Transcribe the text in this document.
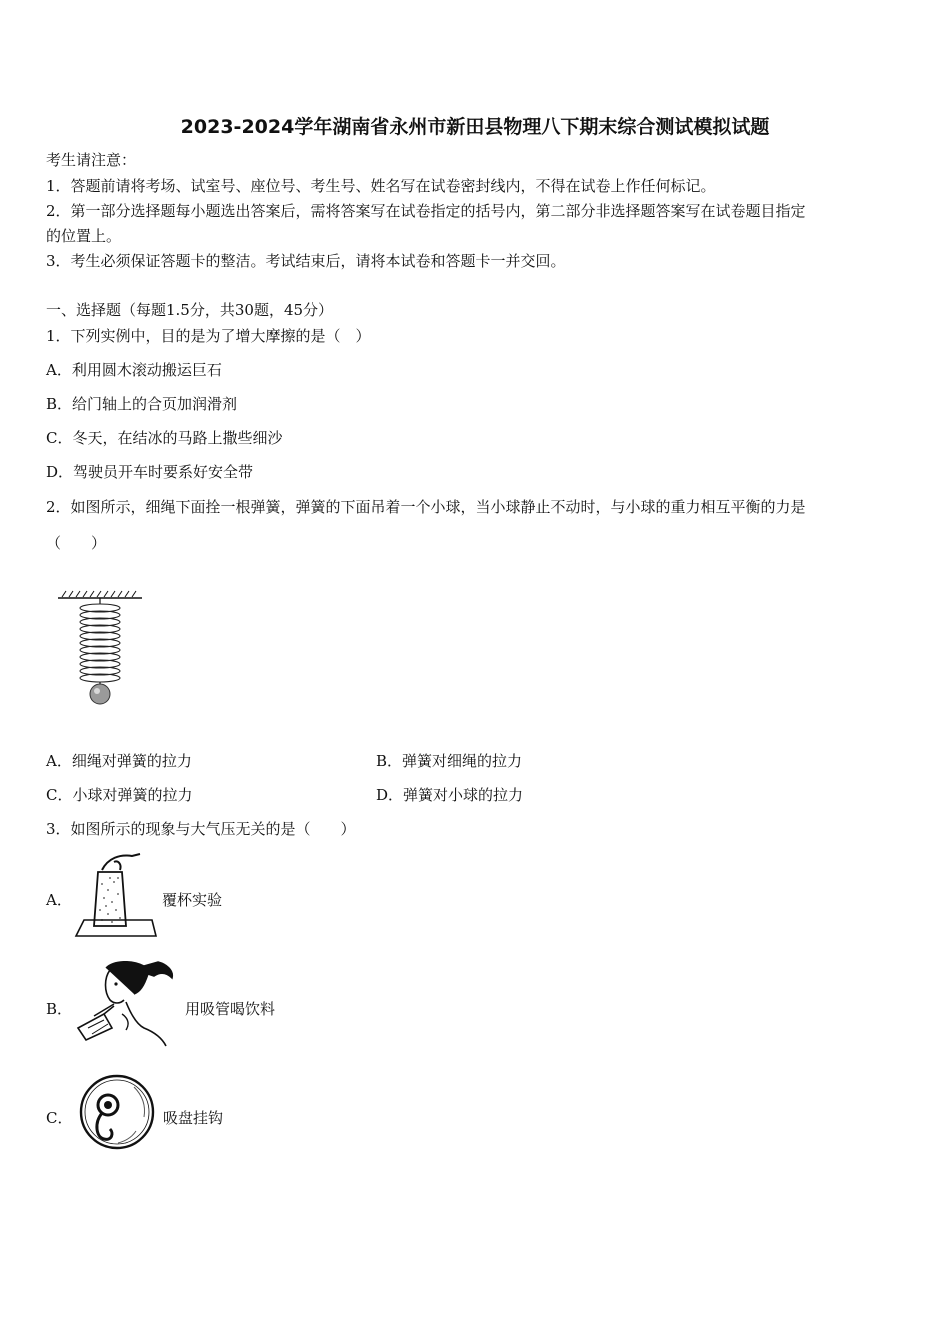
2023-2024学年湖南省永州市新田县物理八下期末综合测试模拟试题
考生请注意：
1．答题前请将考场、试室号、座位号、考生号、姓名写在试卷密封线内，不得在试卷上作任何标记。
2．第一部分选择题每小题选出答案后，需将答案写在试卷指定的括号内，第二部分非选择题答案写在试卷题目指定
的位置上。
3．考生必须保证答题卡的整洁。考试结束后，请将本试卷和答题卡一并交回。
一、选择题（每题1.5分，共30题，45分）
1．下列实例中，目的是为了增大摩擦的是（　）
A．利用圆木滚动搬运巨石
B．给门轴上的合页加润滑剂
C．冬天，在结冰的马路上撒些细沙
D．驾驶员开车时要系好安全带
2．如图所示，细绳下面拴一根弹簧，弹簧的下面吊着一个小球，当小球静止不动时，与小球的重力相互平衡的力是
（　　）
A．细绳对弹簧的拉力	B．弹簧对细绳的拉力
C．小球对弹簧的拉力	D．弹簧对小球的拉力
3．如图所示的现象与大气压无关的是（　　）
A．	覆杯实验
B．	用吸管喝饮料
C．	吸盘挂钩
